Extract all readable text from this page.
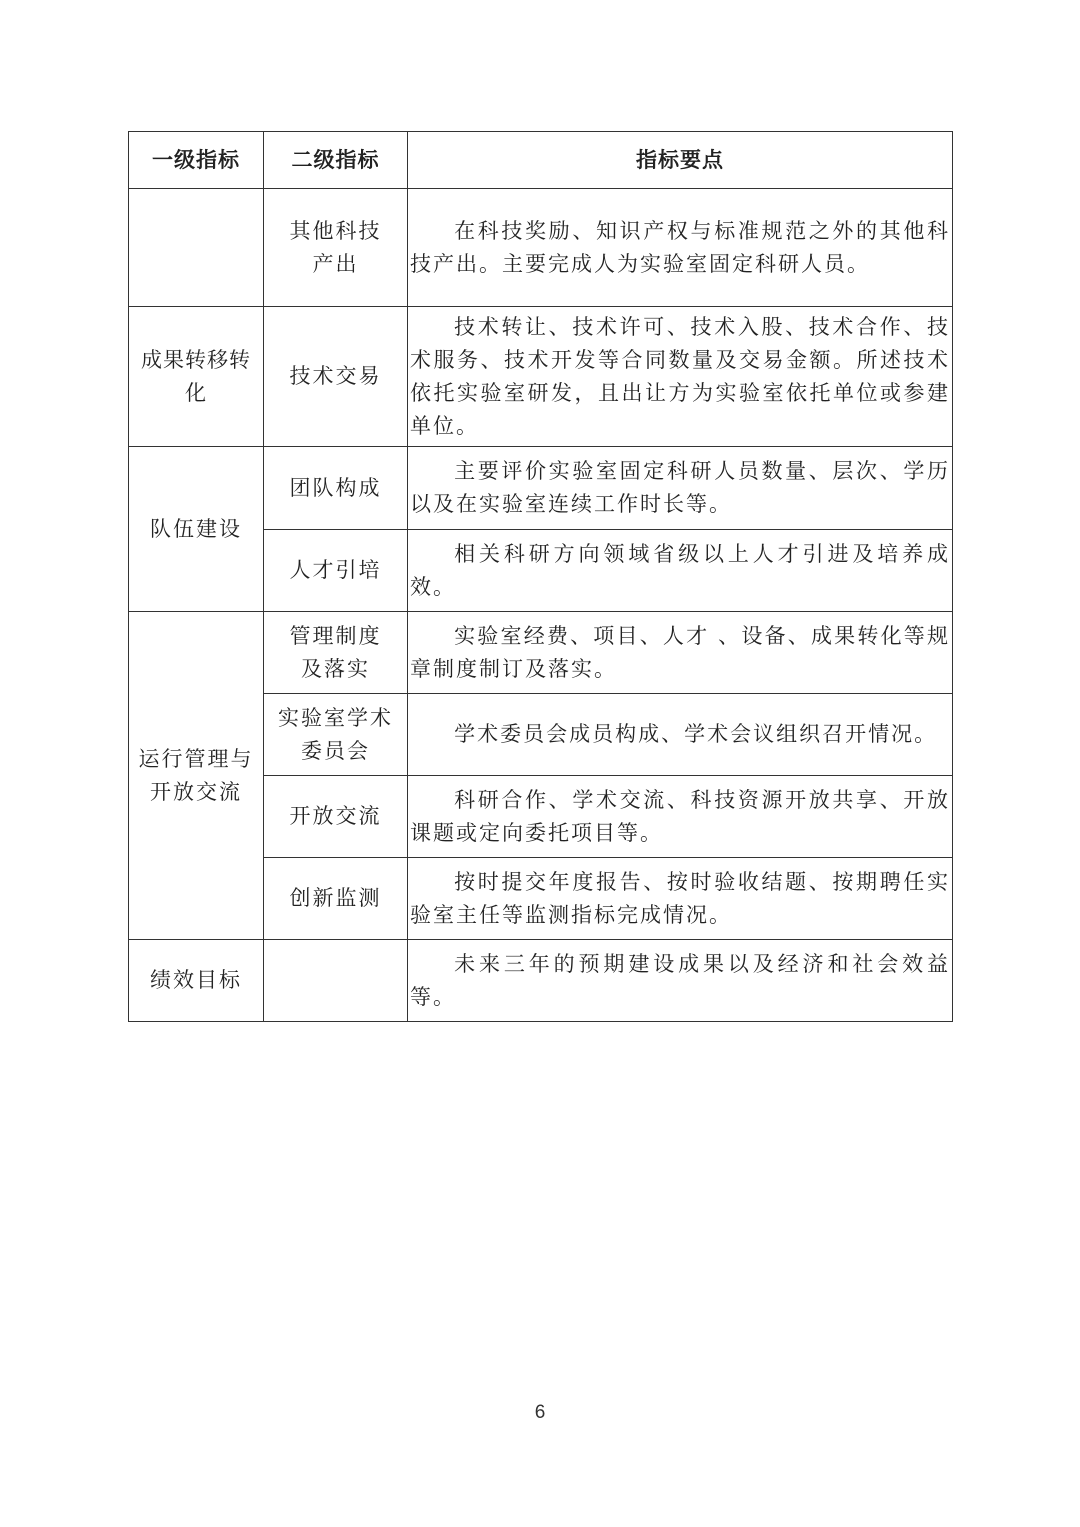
一级指标	二级指标	指标要点

	其他科技产出	在科技奖励、知识产权与标准规范之外的其他科技产出。主要完成人为实验室固定科研人员。

成果转移转化	技术交易	技术转让、技术许可、技术入股、技术合作、技术服务、技术开发等合同数量及交易金额。所述技术依托实验室研发，且出让方为实验室依托单位或参建单位。

队伍建设	团队构成	主要评价实验室固定科研人员数量、层次、学历以及在实验室连续工作时长等。

	人才引培	相关科研方向领域省级以上人才引进及培养成效。

运行管理与开放交流	管理制度及落实	实验室经费、项目、人才 、设备、成果转化等规章制度制订及落实。

	实验室学术委员会	学术委员会成员构成、学术会议组织召开情况。

	开放交流	科研合作、学术交流、科技资源开放共享、开放课题或定向委托项目等。

	创新监测	按时提交年度报告、按时验收结题、按期聘任实验室主任等监测指标完成情况。

绩效目标		未来三年的预期建设成果以及经济和社会效益等。
6
